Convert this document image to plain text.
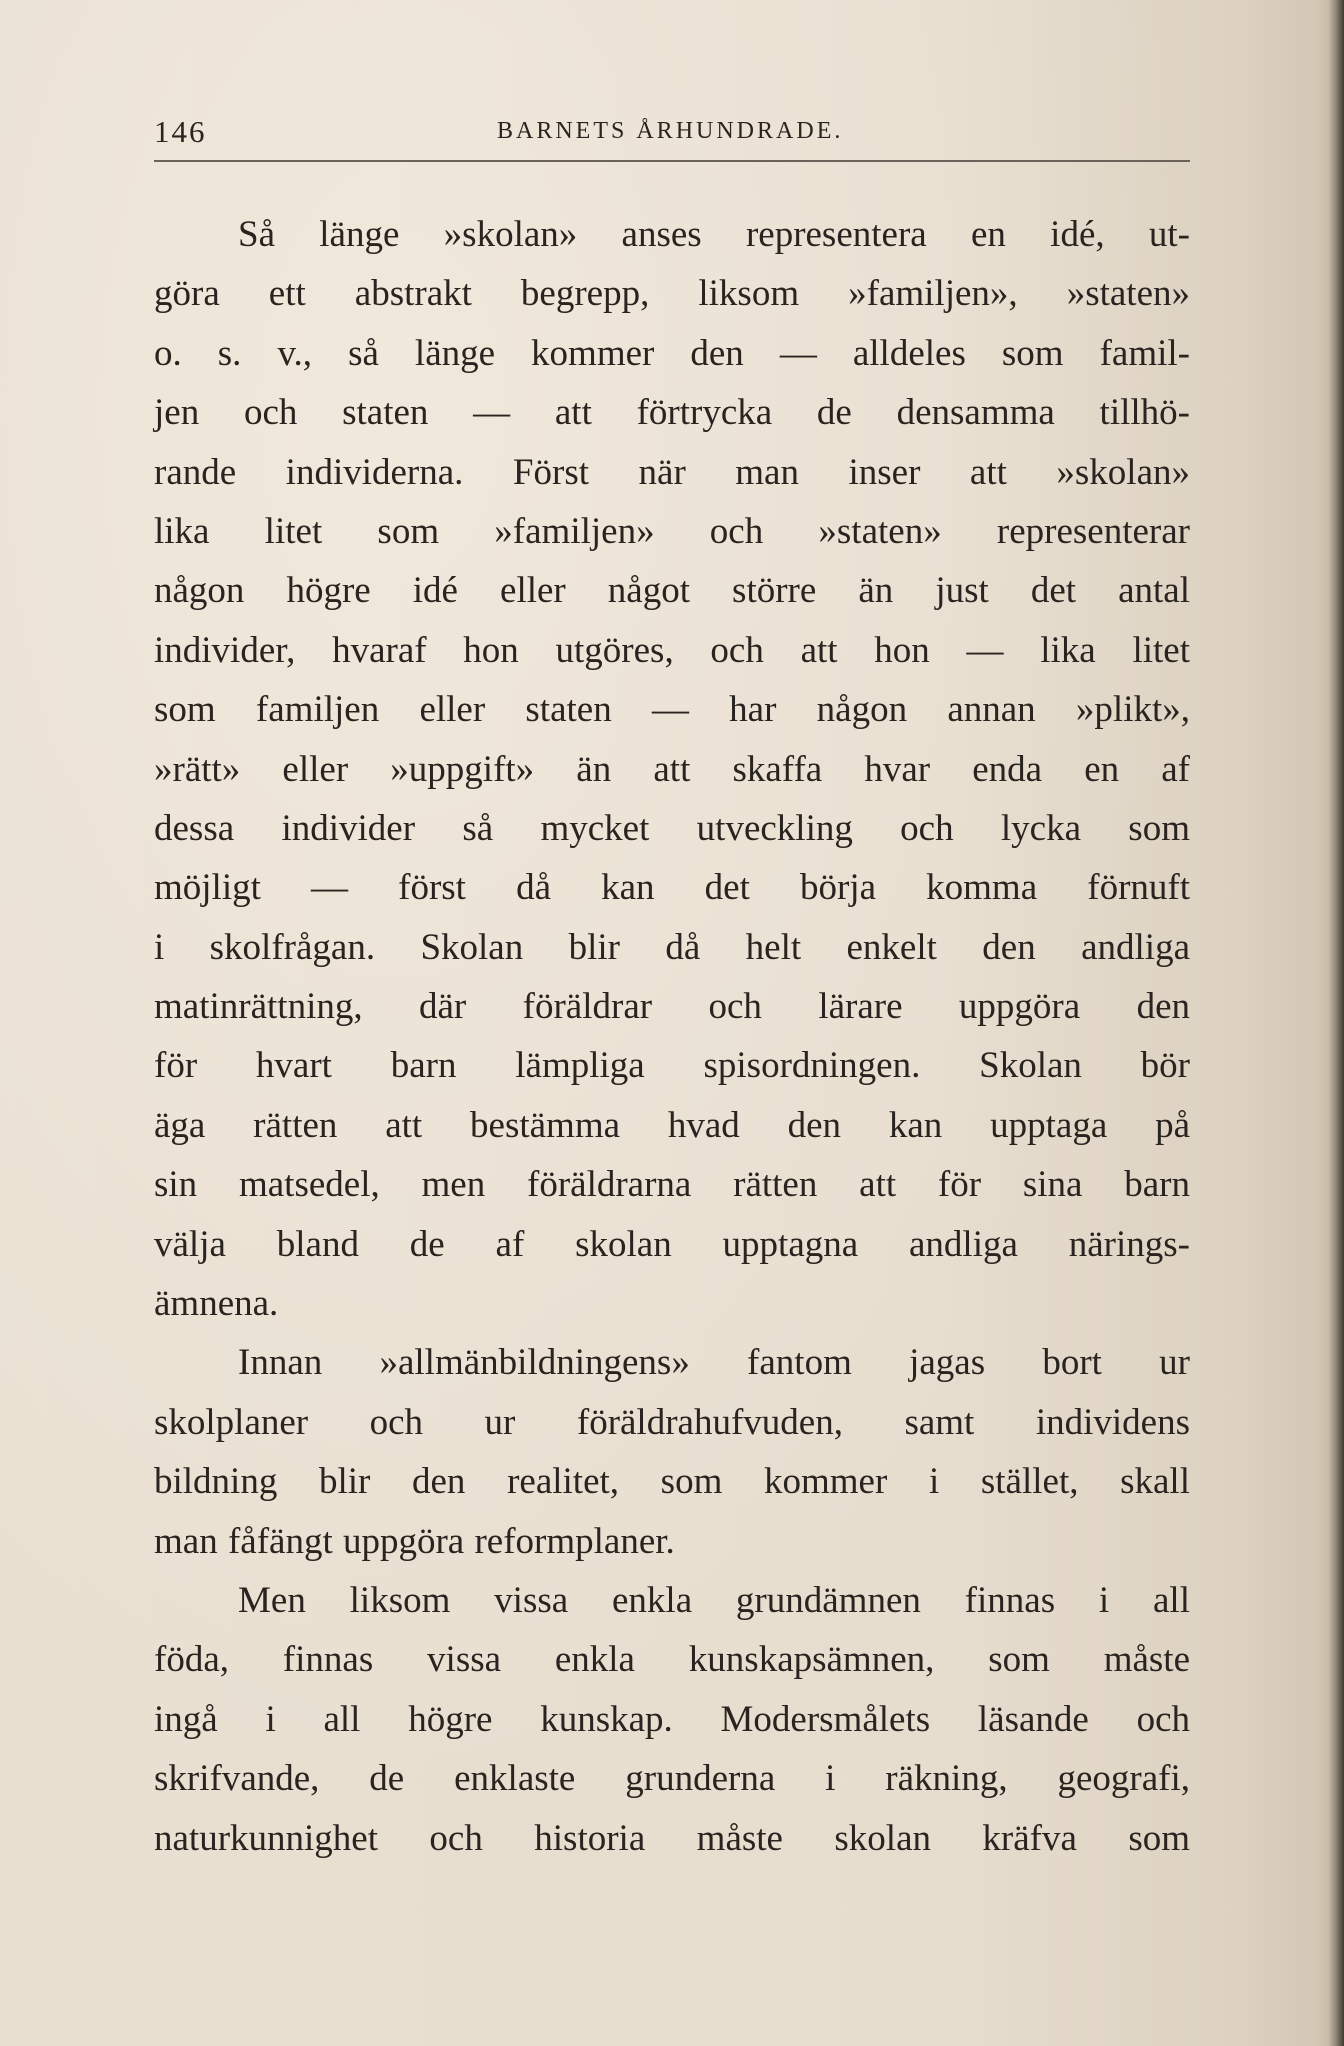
146	BARNETS ÅRHUNDRADE.
Så länge »skolan» anses representera en idé, ut-
göra ett abstrakt begrepp, liksom »familjen», »staten»
o. s. v., så länge kommer den — alldeles som famil-
jen och staten — att förtrycka de densamma tillhö-
rande individerna. Först när man inser att »skolan»
lika litet som »familjen» och »staten» representerar
någon högre idé eller något större än just det antal
individer, hvaraf hon utgöres, och att hon — lika litet
som familjen eller staten — har någon annan »plikt»,
»rätt» eller »uppgift» än att skaffa hvar enda en af
dessa individer så mycket utveckling och lycka som
möjligt — först då kan det börja komma förnuft
i skolfrågan. Skolan blir då helt enkelt den andliga
matinrättning, där föräldrar och lärare uppgöra den
för hvart barn lämpliga spisordningen. Skolan bör
äga rätten att bestämma hvad den kan upptaga på
sin matsedel, men föräldrarna rätten att för sina barn
välja bland de af skolan upptagna andliga närings-
ämnena.
Innan »allmänbildningens» fantom jagas bort ur
skolplaner och ur föräldrahufvuden, samt individens
bildning blir den realitet, som kommer i stället, skall
man fåfängt uppgöra reformplaner.
Men liksom vissa enkla grundämnen finnas i all
föda, finnas vissa enkla kunskapsämnen, som måste
ingå i all högre kunskap. Modersmålets läsande och
skrifvande, de enklaste grunderna i räkning, geografi,
naturkunnighet och historia måste skolan kräfva som
